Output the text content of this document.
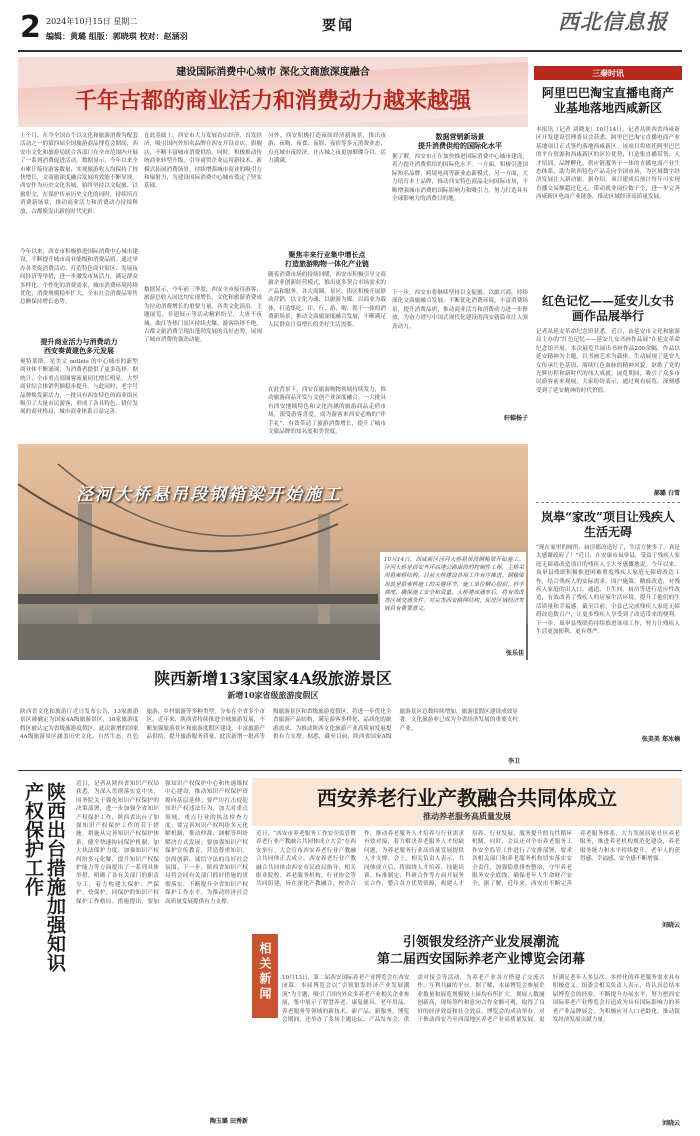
2 2024年10月15日 星期二
编辑：黄璐 组版：郭晓琪 校对：赵涵羽
要闻	西北信息报
建设国际消费中心城市 深化文商旅深度融合
千年古都的商业活力和消费动力越来越强

上个月，在今全国首个以文化和旅游消费为配套活动之一的第四届全国旅游商品博览会期间，西安市文化和旅游局联合各部门在全市范围内开展了一系列消费促进活动。数据显示，今年以来全市累计接待游客数量、实现旅游收入均保持了较快增长，文商旅深度融合发展的效能不断显现。西安作为历史文化名城，始终坚持以文促旅、以旅彰文，在保护传承历史文化的同时，持续培育消费新场景，推动商业活力和消费动力持续释放，古都焕发出新的时代光彩。

今年以来，西安市积极推进国际消费中心城市建设，不断提升城市商业能级和消费品质。通过举办各类促消费活动、打造特色商业街区、发展夜间经济等举措，进一步激发市场活力，满足群众多样化、个性化的消费需求，城市消费环境持续优化，消费规模稳步扩大，全市社会消费品零售总额保持增长态势。

提升商业活力与消费动力
西安奏黄建色多元发展

奥特莱斯、星美文 outlets 的中心城市的新型商业体不断涌现，为消费者提供了更多选择。据统计，全市重点商圈客流量同比增长明显，大型商业综合体销售额稳步提升。与此同时，老字号品牌焕发新活力，一批具有西安特色的商业街区吸引了大量市民游客，形成了各具特色、错位发展的商业格局，城市商业体系日益完善。

在此基础上，西安市大力发展首店经济、首发经济，吸引国内外知名品牌在西安开设首店、旗舰店，不断丰富城市消费供给。同时，积极推动传统商业转型升级，引导商贸企业运用新技术、新模式拓展消费场景，持续增强城市商业的吸引力和辐射力，为建设国际消费中心城市奠定了坚实基础。

数据显示，今年前三季度，西安全市接待游客、旅游总收入同比均实现增长，文化和旅游消费成为拉动消费增长的重要力量。各类文化演出、主题展览、非遗展示等活动精彩纷呈，大唐不夜城、曲江等热门景区持续火爆，游客络绎不绝，古都文旅消费呈现出蓬勃发展的良好态势，展现了城市消费的强劲动能。

聚焦丰来行业集中增长点
打造旅游购物一体化产业链

随着消费市场的持续回暖，西安市积极引导文商旅企业创新经营模式，推出更多契合市场需求的产品和服务。各大商圈、景区、街区积极开展联动营销，以文化为魂、以旅游为媒、以商业为载体，打造集吃、住、行、游、购、娱于一体的消费新场景，推动文商旅深度融合发展，不断满足人民群众日益增长的美好生活需要。

在此背景下，西安在旅游购物领域持续发力，推动旅游商品开发与文创产业深度融合，一大批具有西安地域特色和文化内涵的旅游商品走俏市场，深受游客喜爱，成为游客来西安必购的“伴手礼”，有效带动了旅游消费增长，提升了城市文旅品牌的知名度和美誉度。

另外，西安积极打造夜间经济新场景，推出夜游、夜购、夜食、夜娱、夜宿等多元消费业态，点亮城市夜经济，让古城之夜更加璀璨夺目、活力满满。

数据营销新场景
提升消费供给的国际化水平

据了解，西安市正在加快推进国际消费中心城市建设，着力提升消费供给的国际化水平。一方面，积极引进国际知名品牌、跨境电商等新业态新模式；另一方面，大力培育本土品牌，推动西安特色商品走向国际市场，不断增强城市消费的国际影响力和吸引力，努力打造具有全球影响力的消费目的地。

下一步，西安市将继续坚持以文促旅、以旅兴商，持续深化文商旅融合发展，不断优化消费环境，丰富消费场景，提升消费品质，推动商业活力和消费动力进一步释放，为奋力谱写中国式现代化建设的西安新篇章注入强劲动力。

轩辕杨子
泾河大桥悬吊段钢箱梁开始施工
10月14日，西咸新区泾河大桥悬吊段钢箱梁开始施工。泾河大桥是西安外环高速公路南段的控制性工程，主桥采用悬索桥结构。目前大桥建设各项工作有序推进。钢箱梁吊装是悬索桥施工的关键环节，施工单位精心组织、科学调度，确保施工安全和质量。大桥建成通车后，将有效改善区域交通条件，对完善西安路网结构、促进区域经济发展具有重要意义。
张乐佳
三秦时讯
阿里巴巴淘宝直播电商产业基地落地西咸新区

本报讯（记者 刘晓龙）10月14日，记者从陕西省西咸新区开发建设管理委员会获悉，阿里巴巴淘宝直播电商产业基地项目正式签约落地西咸新区。该项目将依托阿里巴巴的平台资源和西咸新区的区位优势，打造集直播带货、人才培训、品牌孵化、供应链服务于一体的直播电商产业生态体系，助力陕西特色产品走向全国市场，为区域数字经济发展注入新动能。据介绍，项目建成后预计每年可实现直播交易额超过亿元，带动就业岗位数千个，进一步完善西咸新区电商产业链条，推动区域经济高质量发展。

红色记忆——延安儿女书画作品展举行

记者从延安革命纪念馆获悉，近日，由延安市文化和旅游局主办的“红色记忆——延安儿女书画作品展”在延安革命纪念馆开展。本次展览共展出书画作品200余幅，作品以延安精神为主题，以书画艺术为载体，生动展现了延安儿女传承红色基因、赓续红色血脉的精神风貌，讴歌了党的光辉历程和新时代的伟大成就。展览期间，吸引了众多市民游客前来观展，大家纷纷表示，通过观看展览，深刻感受到了延安精神的时代价值。

郝璐 白雪
岚皋“家改”项目让残疾人生活无碍

“现在家里的厕所、厨房都改造好了，生活方便多了，真是太感谢政府了！”近日，在安康市岚皋县，受益于残疾人家庭无障碍改造项目的残疾人王大爷感慨地说。今年以来，岚皋县残联积极推进困难重度残疾人家庭无障碍改造工作，结合残疾人的实际需求，因户施策、精准改造，对残疾人家庭的出入口、通道、卫生间、厨房等进行适应性改造，有效改善了残疾人的居家生活环境，提升了他们的生活质量和幸福感。截至目前，全县已完成残疾人家庭无障碍改造数百户，让更多残疾人享受到了改造带来的便利。下一步，岚皋县残联将持续推进该项工作，努力让残疾人生活更加便利、更有尊严。

张美美 郑冰楠
陕西新增13家国家4A级旅游景区
新增10家省级旅游度假区

陕西省文化和旅游厅近日发布公告，13家旅游景区被确定为国家4A级旅游景区，10家旅游度假区被认定为省级旅游度假区。此次新增的国家4A级旅游景区涵盖历史文化、自然生态、红色旅游、乡村旅游等多种类型，分布在全省多个市区。近年来，陕西省持续推进全域旅游发展，不断加强旅游景区和旅游度假区建设，丰富旅游产品供给，提升旅游服务质量。此次新增一批高等级旅游景区和省级旅游度假区，将进一步优化全省旅游产品结构，满足游客多样化、品质化的旅游需求，为推动陕西文化旅游产业高质量发展提供有力支撑。据悉，截至目前，陕西省国家A级旅游景区总数持续增加，旅游度假区建设成效显著，文化旅游业已成为全省经济发展的重要支柱产业。

李卫
陕西出台措施加强知识产权保护工作	近日，记者从陕西省知识产权局获悉，为深入贯彻落实党中央、国务院关于强化知识产权保护的决策部署，进一步加强全省知识产权保护工作，陕西省出台了加强知识产权保护工作的若干措施。措施从完善知识产权保护体系、健全快速协同保护机制、加大执法保护力度、加强知识产权纠纷多元化解、提升知识产权保护能力等方面提出了一系列具体举措，明确了各有关部门的职责分工，着力构建大保护、严保护、快保护、同保护的知识产权保护工作格局。措施提出，要加强知识产权保护中心和快速维权中心建设，推动知识产权保护资源向基层延伸；要严厉打击侵犯知识产权违法行为，加大对重点领域、重点行业的执法检查力度；要完善知识产权纠纷多元化解机制，推动仲裁、调解等纠纷解决方式发展；要加强知识产权保护宣传教育，营造尊重知识、崇尚创新、诚信守法的良好社会氛围。下一步，陕西省知识产权局将会同有关部门抓好措施的贯彻落实，不断提升全省知识产权保护工作水平，为推动经济社会高质量发展提供有力支撑。

陶玉璐 田秀新
西安养老行业产教融合共同体成立
推动养老服务高质量发展

近日，“西安市养老服务工作安全监管暨养老行业产教融合共同体成立大会”在西安举行。大会宣布西安养老行业产教融合共同体正式成立。西安养老行业产教融合共同体由西安市民政局指导，相关职业院校、养老服务机构、行业协会等共同组建，旨在深化产教融合、校企合作，推动养老服务人才培养与行业需求有效对接，着力解决养老服务人才短缺问题，为养老服务行业高质量发展提供人才支撑。会上，相关负责人表示，共同体成立后，将围绕人才培养、技能培训、标准制定、科研合作等方面开展务实合作，整合各方优势资源，构建人才培养、行业发展、服务提升的良性循环机制。同时，会议还对全市养老服务工作安全监管工作进行了安排部署，要求各相关部门和养老服务机构切实落实安全责任，加强隐患排查整治，守牢养老服务安全底线，确保老年人生命财产安全。据了解，近年来，西安市不断完善养老服务体系，大力发展居家社区养老服务，推进养老机构规范化建设，养老服务能力和水平持续提升，老年人的获得感、幸福感、安全感不断增强。

刘晓云
相关新闻	引领银发经济产业发展潮流
第二届西安国际养老产业博览会闭幕

10月13日，第二届西安国际养老产业博览会在西安闭幕。本届博览会以“引领银发经济产业发展潮流”为主题，吸引了国内外众多养老产业相关企业参展，集中展示了智慧养老、康复辅具、老年用品、养老服务等领域的新技术、新产品、新服务。博览会期间，还举办了多场主题论坛、产品发布会、供需对接会等活动，为养老产业各方搭建了交流合作、互利共赢的平台。据了解，本届博览会参展企业数量和展览规模较上届均有所扩大，观展人数屡创新高，现场签约和意向合作金额可观，取得了良好的经济效益和社会效益。博览会的成功举办，对于推动西安乃至西部地区养老产业高质量发展，更好满足老年人多层次、多样化的养老服务需求具有积极意义。组委会相关负责人表示，将认真总结本届博览会的经验，不断提升办展水平，努力把西安国际养老产业博览会打造成为具有国际影响力的养老产业品牌展会，为积极应对人口老龄化、推动银发经济发展贡献力量。

刘晓云
